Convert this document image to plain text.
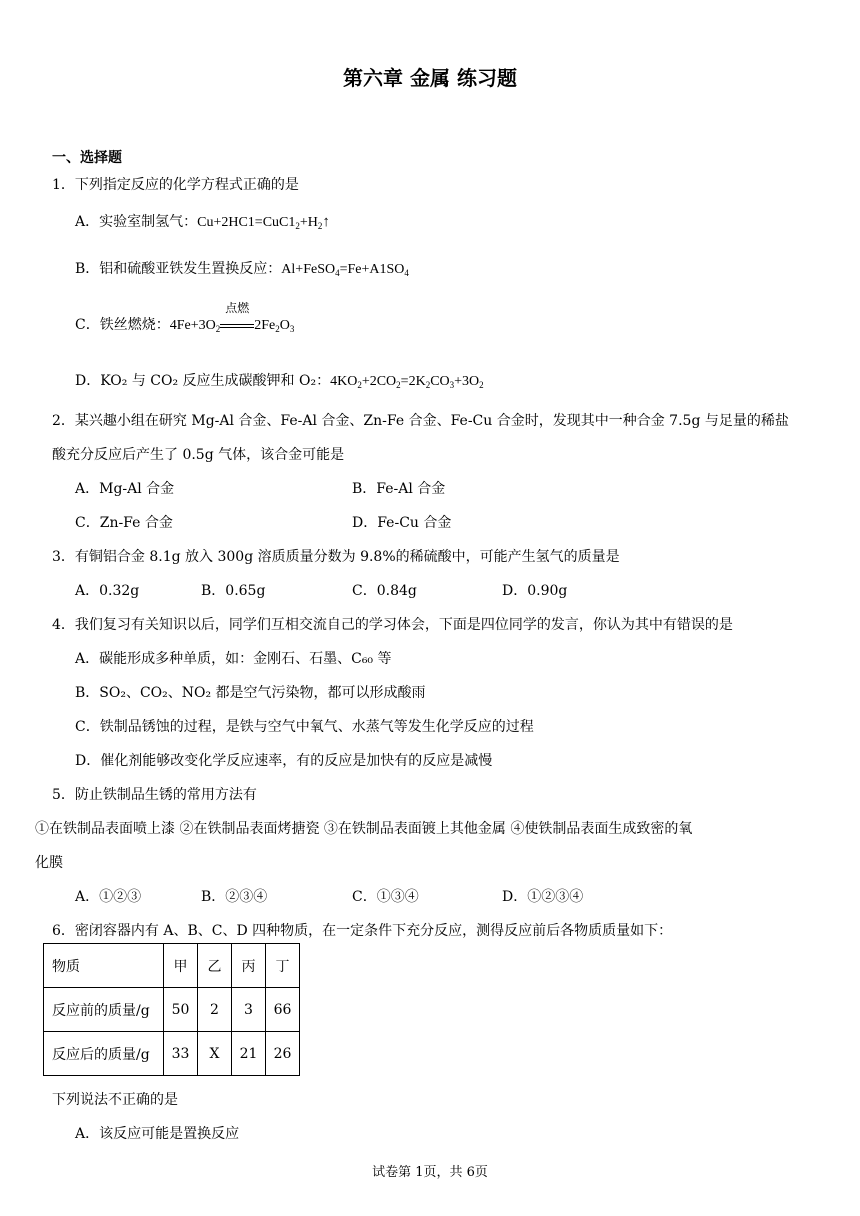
第六章 金属 练习题
一、选择题
1．下列指定反应的化学方程式正确的是
A．实验室制氢气：$Cu+2HC1=CuC1_2+H_2↑$
B．铝和硫酸亚铁发生置换反应：$Al+FeSO_4=Fe+A1SO_4$
C．铁丝燃烧：$4Fe+3O_2$
点燃
$2Fe_2O_3$
D．KO₂ 与 CO₂ 反应生成碳酸钾和 O₂：$4KO_2+2CO_2=2K_2CO_3+3O_2$
2．某兴趣小组在研究 Mg-Al 合金、Fe-Al 合金、Zn-Fe 合金、Fe-Cu 合金时，发现其中一种合金 7.5g 与足量的稀盐
酸充分反应后产生了 0.5g 气体，该合金可能是
A．Mg-Al 合金	B．Fe-Al 合金
C．Zn-Fe 合金	D．Fe-Cu 合金
3．有铜铝合金 8.1g 放入 300g 溶质质量分数为 9.8%的稀硫酸中，可能产生氢气的质量是
A．0.32g	B．0.65g	C．0.84g	D．0.90g
4．我们复习有关知识以后，同学们互相交流自己的学习体会，下面是四位同学的发言，你认为其中有错误的是
A．碳能形成多种单质，如：金刚石、石墨、C₆₀ 等
B．SO₂、CO₂、NO₂ 都是空气污染物，都可以形成酸雨
C．铁制品锈蚀的过程，是铁与空气中氧气、水蒸气等发生化学反应的过程
D．催化剂能够改变化学反应速率，有的反应是加快有的反应是减慢
5．防止铁制品生锈的常用方法有
①在铁制品表面喷上漆 ②在铁制品表面烤搪瓷 ③在铁制品表面镀上其他金属 ④使铁制品表面生成致密的氧
化膜
A．①②③	B．②③④	C．①③④	D．①②③④
6．密闭容器内有 A、B、C、D 四种物质，在一定条件下充分反应，测得反应前后各物质质量如下：
物质	甲	乙	丙	丁
反应前的质量/g	50	2	3	66
反应后的质量/g	33	X	21	26
下列说法不正确的是
A．该反应可能是置换反应
试卷第 1页，共 6页
